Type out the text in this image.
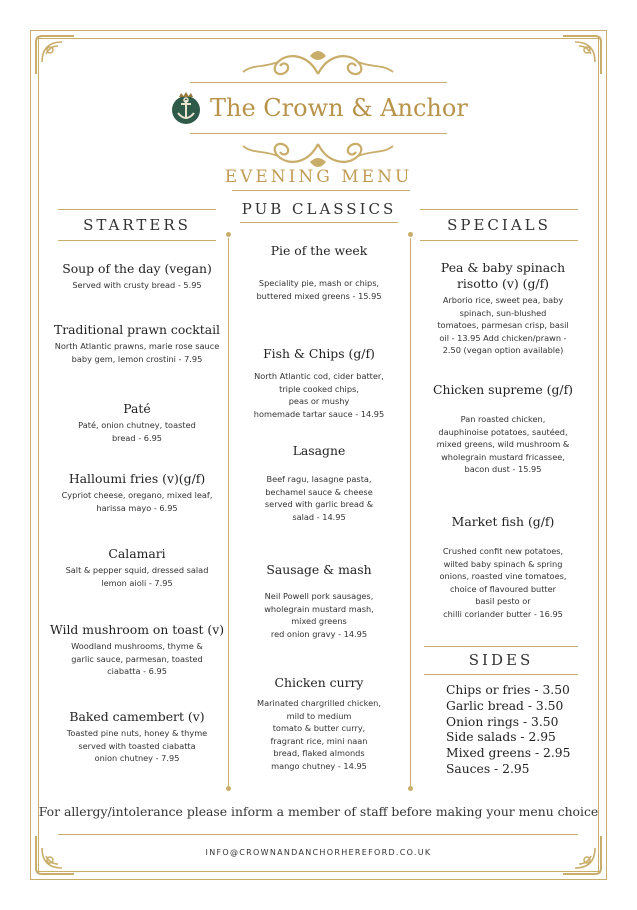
The Crown & Anchor
EVENING MENU
STARTERS
PUB CLASSICS
SPECIALS
Soup of the day (vegan)
Served with crusty bread - 5.95
Traditional prawn cocktail
North Atlantic prawns, marie rose sauce
baby gem, lemon crostini - 7.95
Paté
Paté, onion chutney, toasted
bread - 6.95
Halloumi fries (v)(g/f)
Cypriot cheese, oregano, mixed leaf,
harissa mayo - 6.95
Calamari
Salt & pepper squid, dressed salad
lemon aioli - 7.95
Wild mushroom on toast (v)
Woodland mushrooms, thyme &
garlic sauce, parmesan, toasted
ciabatta - 6.95
Baked camembert (v)
Toasted pine nuts, honey & thyme
served with toasted ciabatta
onion chutney - 7.95
Pie of the week
Speciality pie, mash or chips,
buttered mixed greens - 15.95
Fish & Chips (g/f)
North Atlantic cod, cider batter,
triple cooked chips,
peas or mushy
homemade tartar sauce - 14.95
Lasagne
Beef ragu, lasagne pasta,
bechamel sauce & cheese
served with garlic bread &
salad - 14.95
Sausage & mash
Neil Powell pork sausages,
wholegrain mustard mash,
mixed greens
red onion gravy - 14.95
Chicken curry
Marinated chargrilled chicken,
mild to medium
tomato & butter curry,
fragrant rice, mini naan
bread, flaked almonds
mango chutney - 14.95
Pea & baby spinach
risotto (v) (g/f)
Arborio rice, sweet pea, baby
spinach, sun-blushed
tomatoes, parmesan crisp, basil
oil - 13.95 Add chicken/prawn -
2.50 (vegan option available)
Chicken supreme (g/f)
Pan roasted chicken,
dauphinoise potatoes, sautéed,
mixed greens, wild mushroom &
wholegrain mustard fricassee,
bacon dust - 15.95
Market fish (g/f)
Crushed confit new potatoes,
wilted baby spinach & spring
onions, roasted vine tomatoes,
choice of flavoured butter
basil pesto or
chilli coriander butter - 16.95
SIDES
Chips or fries - 3.50
Garlic bread - 3.50
Onion rings - 3.50
Side salads - 2.95
Mixed greens - 2.95
Sauces - 2.95
For allergy/intolerance please inform a member of staff before making your menu choice
INFO@CROWNANDANCHORHEREFORD.CO.UK
